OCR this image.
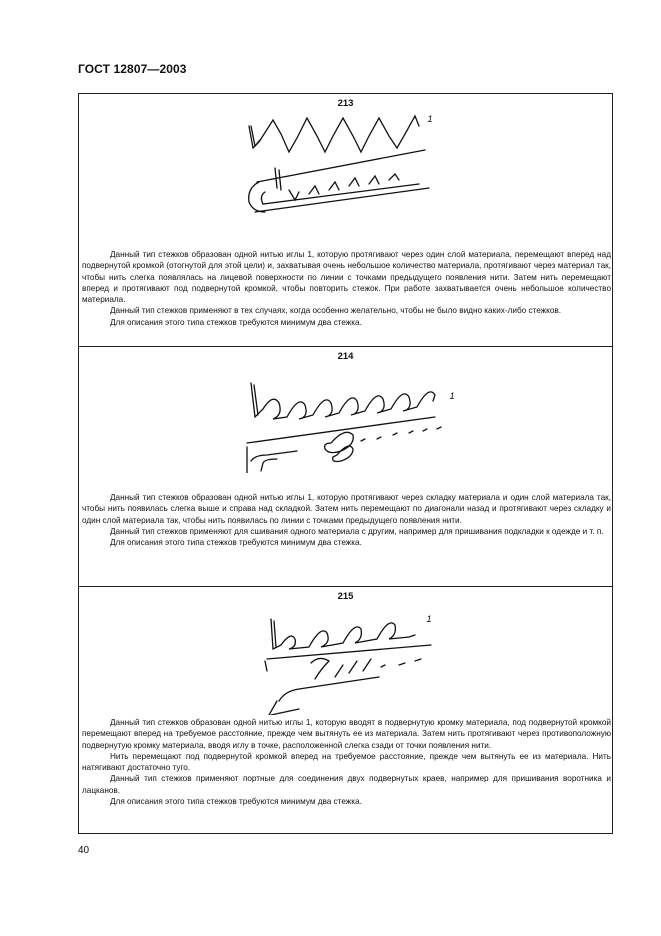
ГОСТ 12807—2003
213
1

Данный тип стежков образован одной нитью иглы 1, которую протягивают через один слой материала, перемещают вперед над подвернутой кромкой (отогнутой для этой цели) и, захватывая очень небольшое количество материала, протягивают через материал так, чтобы нить слегка появлялась на лицевой поверхности по линии с точками предыдущего появления нити. Затем нить перемещают вперед и протягивают под подвернутой кромкой, чтобы повторить стежок. При работе захватывается очень небольшое количество материала.

Данный тип стежков применяют в тех случаях, когда особенно желательно, чтобы не было видно каких-либо стежков.

Для описания этого типа стежков требуются минимум два стежка.

214
1

Данный тип стежков образован одной нитью иглы 1, которую протягивают через складку материала и один слой материала так, чтобы нить появилась слегка выше и справа над складкой. Затем нить перемещают по диагонали назад и протягивают через складку и один слой материала так, чтобы нить появилась по линии с точками предыдущего появления нити.

Данный тип стежков применяют для сшивания одного материала с другим, например для пришивания подкладки к одежде и т. п.

Для описания этого типа стежков требуются минимум два стежка.

215
1

Данный тип стежков образован одной нитью иглы 1, которую вводят в подвернутую кромку материала, под подвернутой кромкой перемещают вперед на требуемое расстояние, прежде чем вытянуть ее из материала. Затем нить протягивают через противоположную подвернутую кромку материала, вводя иглу в точке, расположенной слегка сзади от точки появления нити.

Нить перемещают под подвернутой кромкой вперед на требуемое расстояние, прежде чем вытянуть ее из материала. Нить натягивают достаточно туго.

Данный тип стежков применяют портные для соединения двух подвернутых краев, например для пришивания воротника и лацканов.

Для описания этого типа стежков требуются минимум два стежка.

40
